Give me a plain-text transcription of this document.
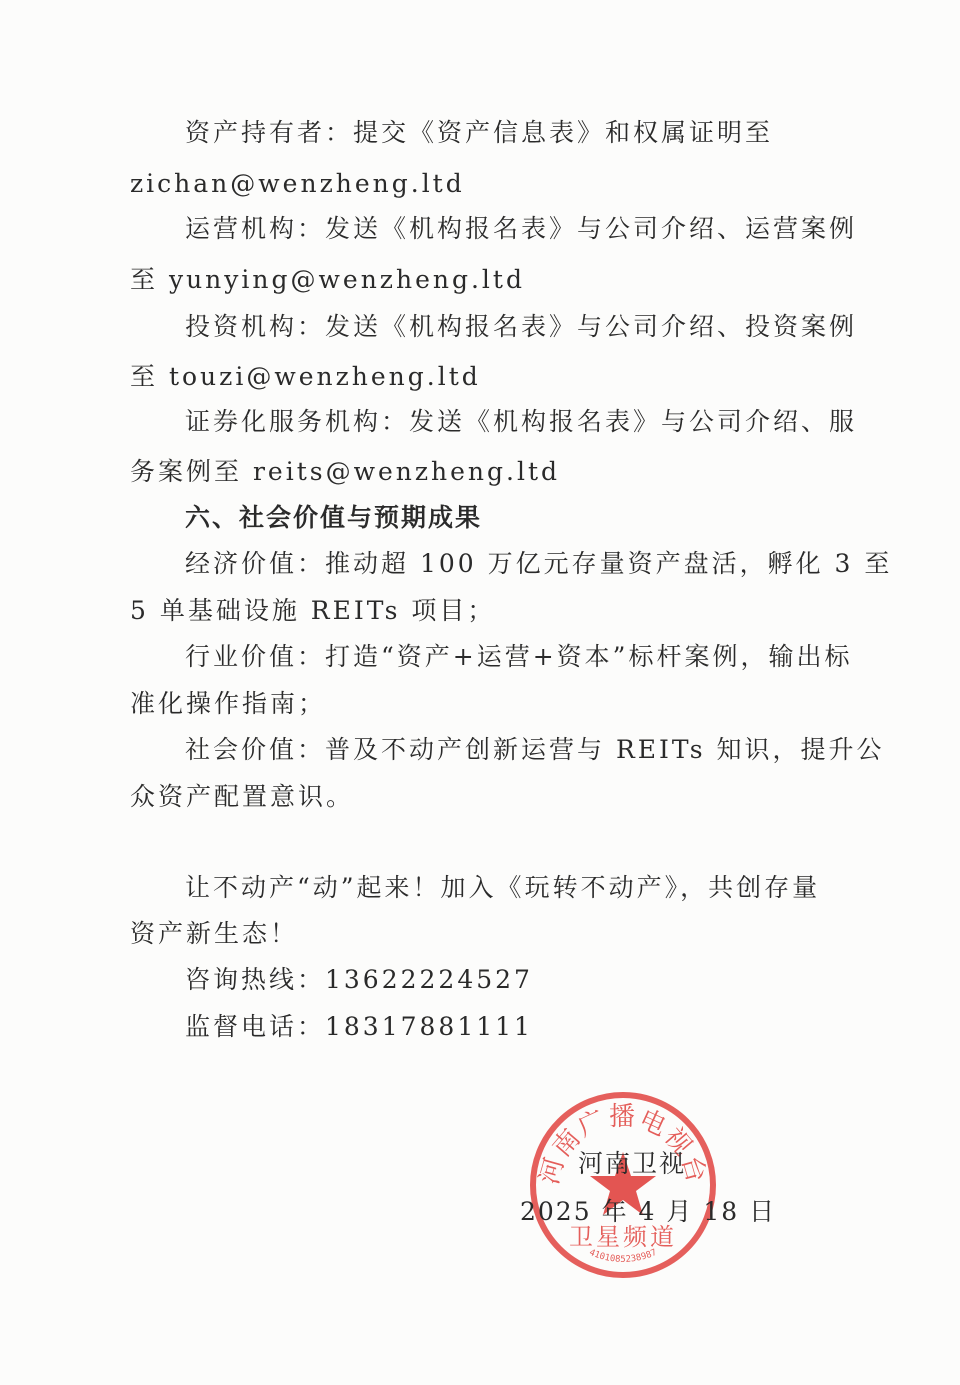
资产持有者：提交《资产信息表》和权属证明至
zichan@wenzheng.ltd
运营机构：发送《机构报名表》与公司介绍、运营案例
至 yunying@wenzheng.ltd
投资机构：发送《机构报名表》与公司介绍、投资案例
至 touzi@wenzheng.ltd
证券化服务机构：发送《机构报名表》与公司介绍、服
务案例至 reits@wenzheng.ltd
六、社会价值与预期成果
经济价值：推动超 100 万亿元存量资产盘活，孵化 3 至
5 单基础设施 REITs 项目；
行业价值：打造“资产+运营+资本”标杆案例，输出标
准化操作指南；
社会价值：普及不动产创新运营与 REITs 知识，提升公
众资产配置意识。
让不动产“动”起来！加入《玩转不动产》，共创存量
资产新生态！
咨询热线：13622224527
监督电话：18317881111
河南广播电视台
卫星频道
4101085238987
河南卫视
2025 年 4 月 18 日
